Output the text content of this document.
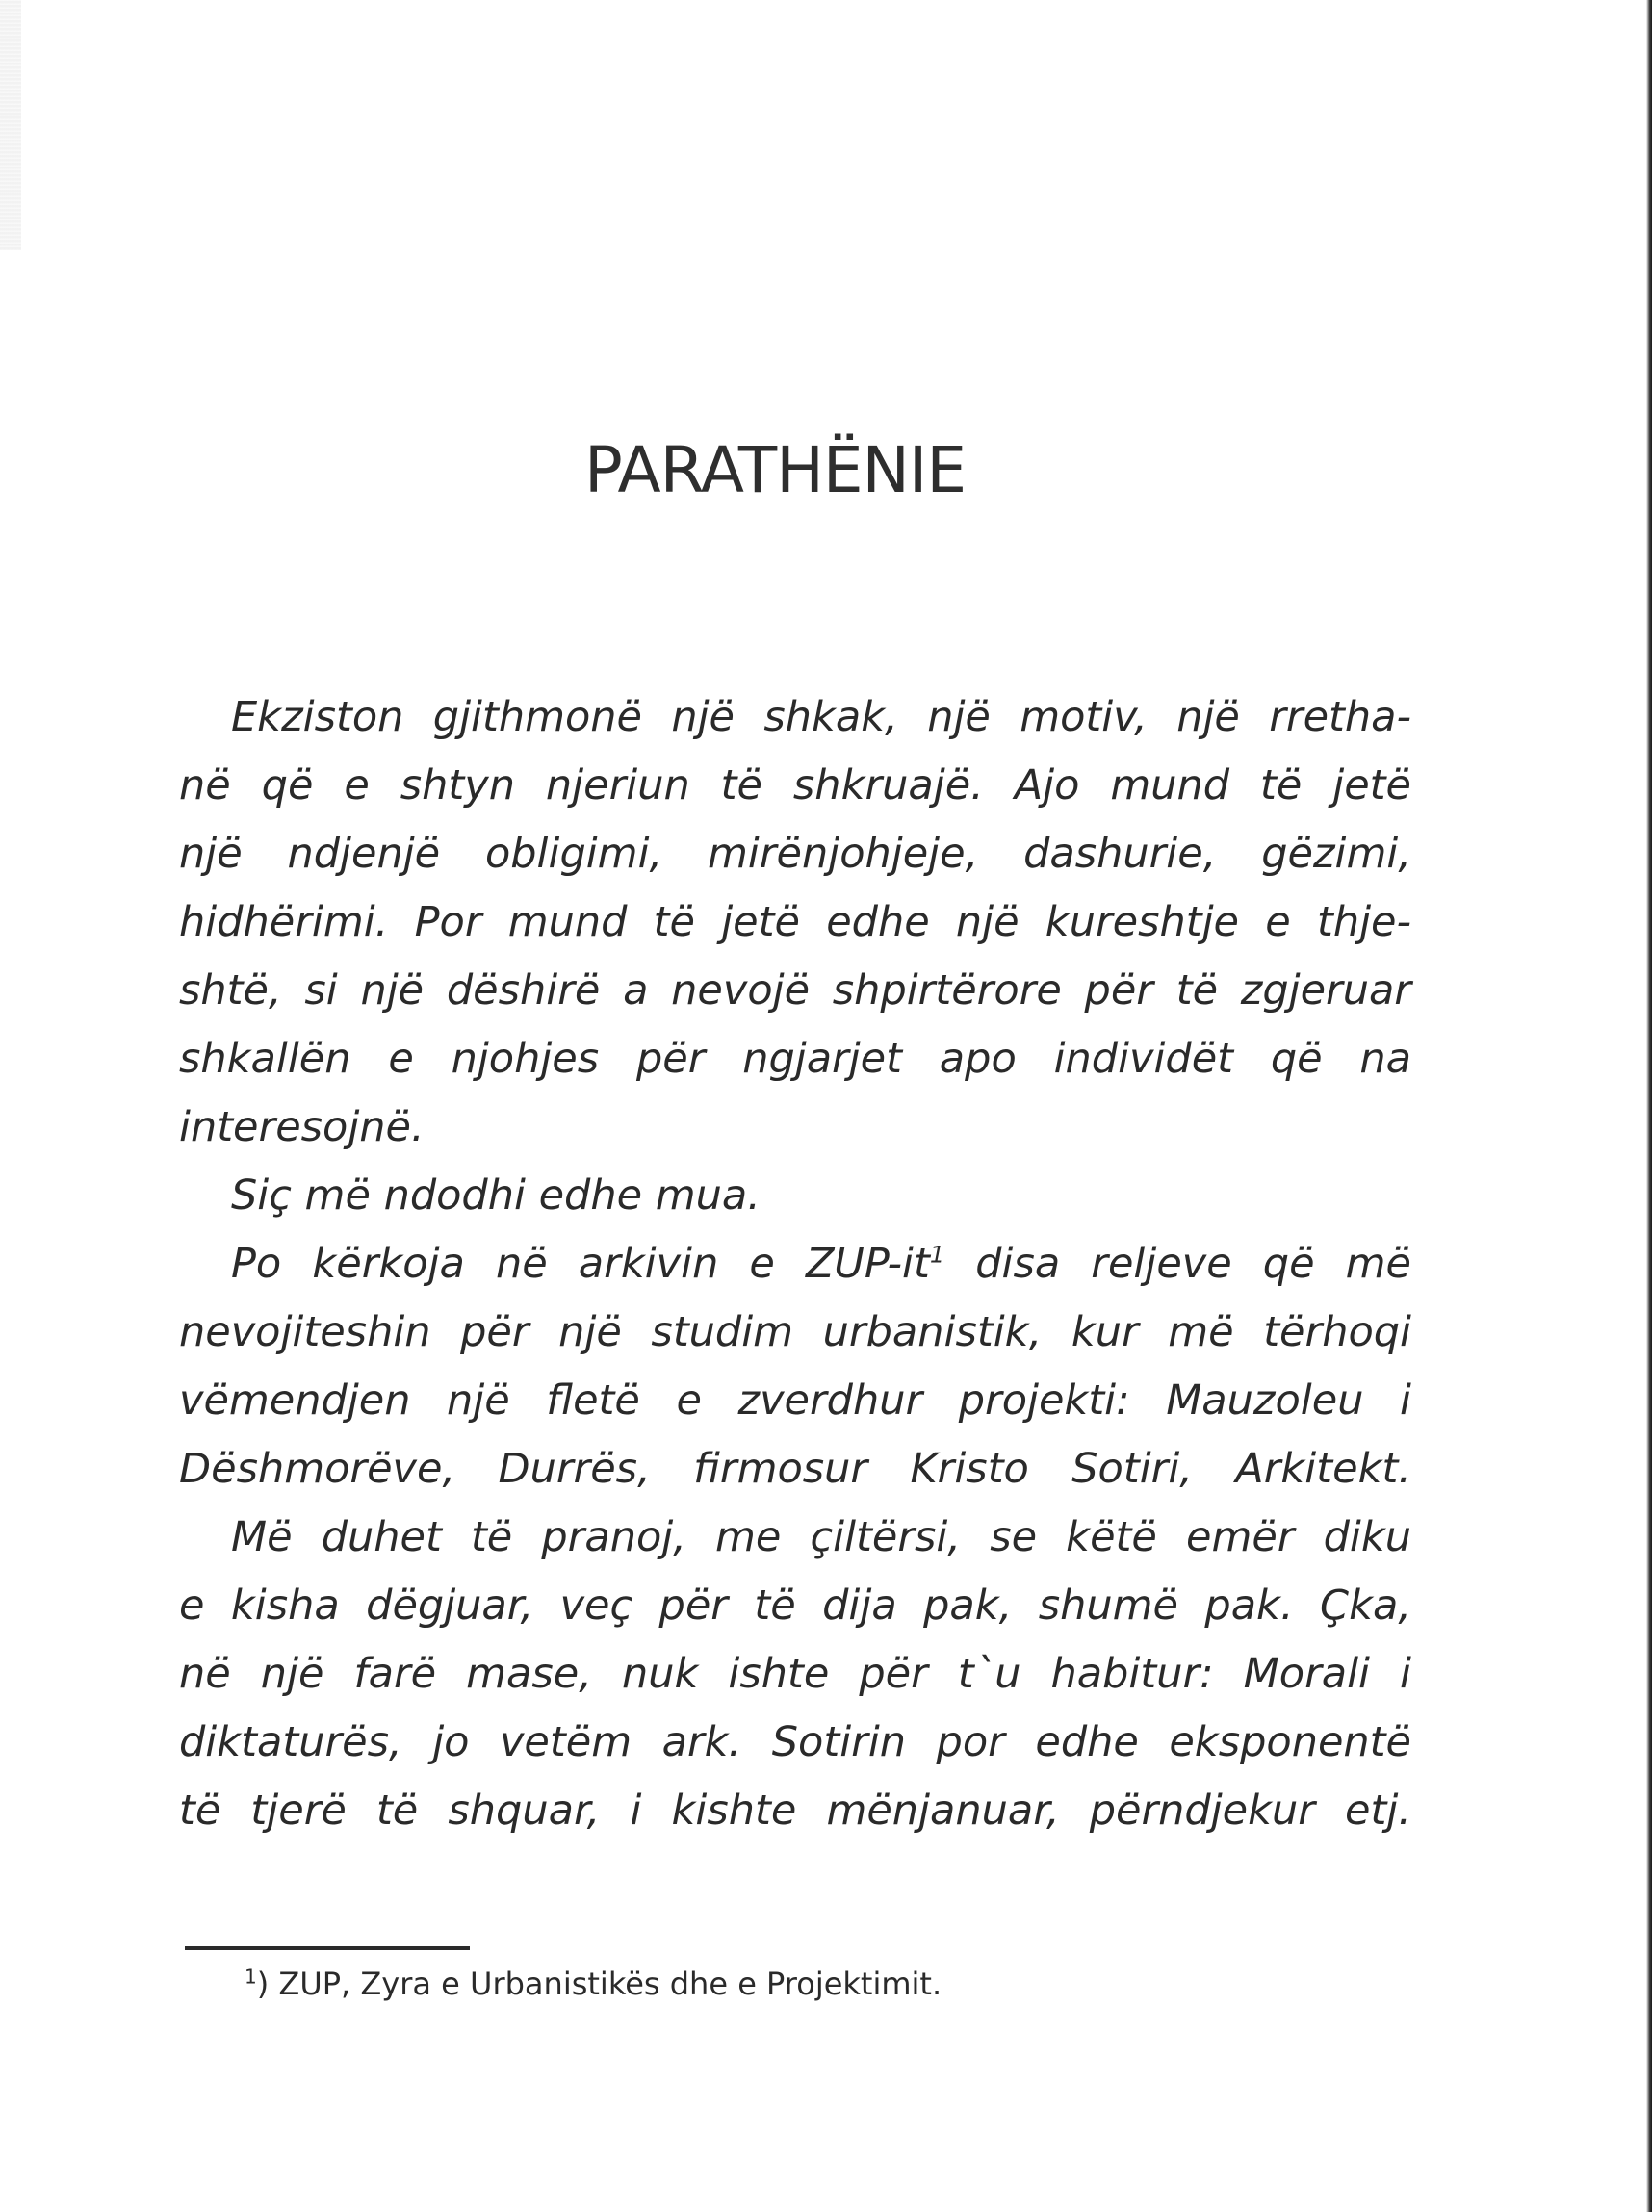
PARATHËNIE
Ekziston gjithmonë një shkak, një motiv, një rretha-
në që e shtyn njeriun të shkruajë. Ajo mund të jetë
një ndjenjë obligimi, mirënjohjeje, dashurie, gëzimi,
hidhërimi. Por mund të jetë edhe një kureshtje e thje-
shtë, si një dëshirë a nevojë shpirtërore për të zgjeruar
shkallën e njohjes për ngjarjet apo individët që na
interesojnë.
Siç më ndodhi edhe mua.
Po kërkoja në arkivin e ZUP-$it^1$ disa reljeve që më
nevojiteshin për një studim urbanistik, kur më tërhoqi
vëmendjen një fletë e zverdhur projekti: Mauzoleu i
Dëshmorëve, Durrës, firmosur Kristo Sotiri, Arkitekt.
Më duhet të pranoj, me çiltërsi, se këtë emër diku
e kisha dëgjuar, veç për të dija pak, shumë pak. Çka,
në një farë mase, nuk ishte për t`u habitur: Morali i
diktaturës, jo vetëm ark. Sotirin por edhe eksponentë
të tjerë të shquar, i kishte mënjanuar, përndjekur etj.
$^1$) ZUP, Zyra e Urbanistikës dhe e Projektimit.
